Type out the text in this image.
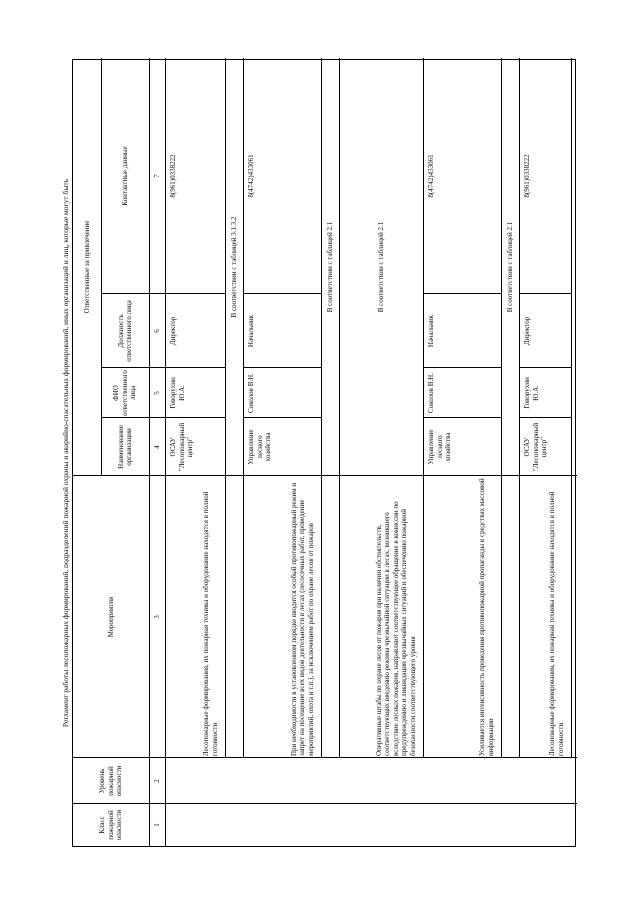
Регламент работы лесопожарных формирований, подразделений пожарной охраны и аварийно-спасательных формирований, иных организаций и лиц, которые могут быть
Класс пожарной опасности
Уровень пожарной опасности
Мероприятия
Ответственные за привлечение
Наименование организации
ФИО ответственного лица
Должность ответственного лица
Контактные данные
1
2
3
4
5
6
7
Лесопожарные формирования, их пожарная техника и оборудование находятся в полной готовности
ОСАУ "Лесопожарный центр"
Говорухин Ю.А.
Директор
8(961)0338222
В соответствии с таблицей 3.1.3.2
При необходимости в установленном порядке вводится особый противопожарный режим и запрет на посещение всех видов деятельности в лесах (лесосечных работ, проведение мероприятий, охота и т.п.), за исключением работ по охране лесов от пожаров
Управление лесного хозяйства
Соколов В.Н.
Начальник
8(4742)433061
В соответствии с таблицей 2.1
Оперативные штабы по охране лесов от пожаров при наличии обстоятельств, соответствующих введению режима чрезвычайной ситуации в лесах, возникшего вследствие лесных пожаров, направляют соответствующее обращение в комиссии по предупреждению и ликвидации чрезвычайных ситуаций и обеспечению пожарной безопасности соответствующего уровня
В соответствии с таблицей 2.1
Усиливается интенсивность проведения противопожарной пропаганды в средствах массовой информации
Управление лесного хозяйства
Соколов В.Н.
Начальник
8(4742)433061
В соответствии с таблицей 2.1
Лесопожарные формирования, их пожарная техника и оборудование находятся в полной готовности
ОСАУ "Лесопожарный центр"
Говорухин Ю.А.
Директор
8(961)0338222
